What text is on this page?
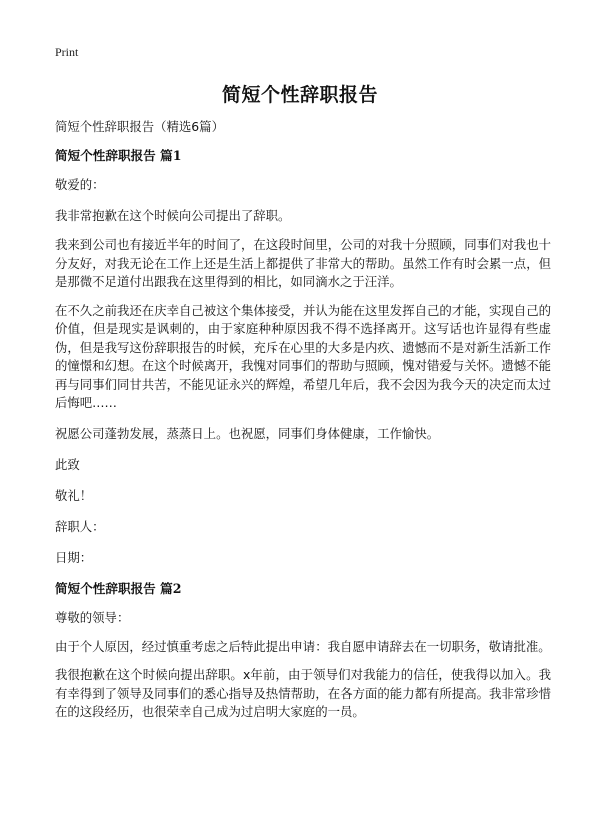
Print
简短个性辞职报告

简短个性辞职报告（精选6篇）

简短个性辞职报告 篇1

敬爱的：

我非常抱歉在这个时候向公司提出了辞职。

我来到公司也有接近半年的时间了，在这段时间里，公司的对我十分照顾，同事们对我也十分友好，对我无论在工作上还是生活上都提供了非常大的帮助。虽然工作有时会累一点，但是那微不足道付出跟我在这里得到的相比，如同滴水之于汪洋。

在不久之前我还在庆幸自己被这个集体接受，并认为能在这里发挥自己的才能，实现自己的价值，但是现实是讽刺的，由于家庭种种原因我不得不选择离开。这写话也许显得有些虚伪，但是我写这份辞职报告的时候，充斥在心里的大多是内疚、遗憾而不是对新生活新工作的憧憬和幻想。在这个时候离开，我愧对同事们的帮助与照顾，愧对错爱与关怀。遗憾不能再与同事们同甘共苦，不能见证永兴的辉煌，希望几年后，我不会因为我今天的决定而太过后悔吧……

祝愿公司蓬勃发展，蒸蒸日上。也祝愿，同事们身体健康，工作愉快。

此致

敬礼！

辞职人：

日期：

简短个性辞职报告 篇2

尊敬的领导：

由于个人原因，经过慎重考虑之后特此提出申请：我自愿申请辞去在一切职务，敬请批准。

我很抱歉在这个时候向提出辞职。x年前，由于领导们对我能力的信任，使我得以加入。我有幸得到了领导及同事们的悉心指导及热情帮助，在各方面的能力都有所提高。我非常珍惜在的这段经历，也很荣幸自己成为过启明大家庭的一员。
